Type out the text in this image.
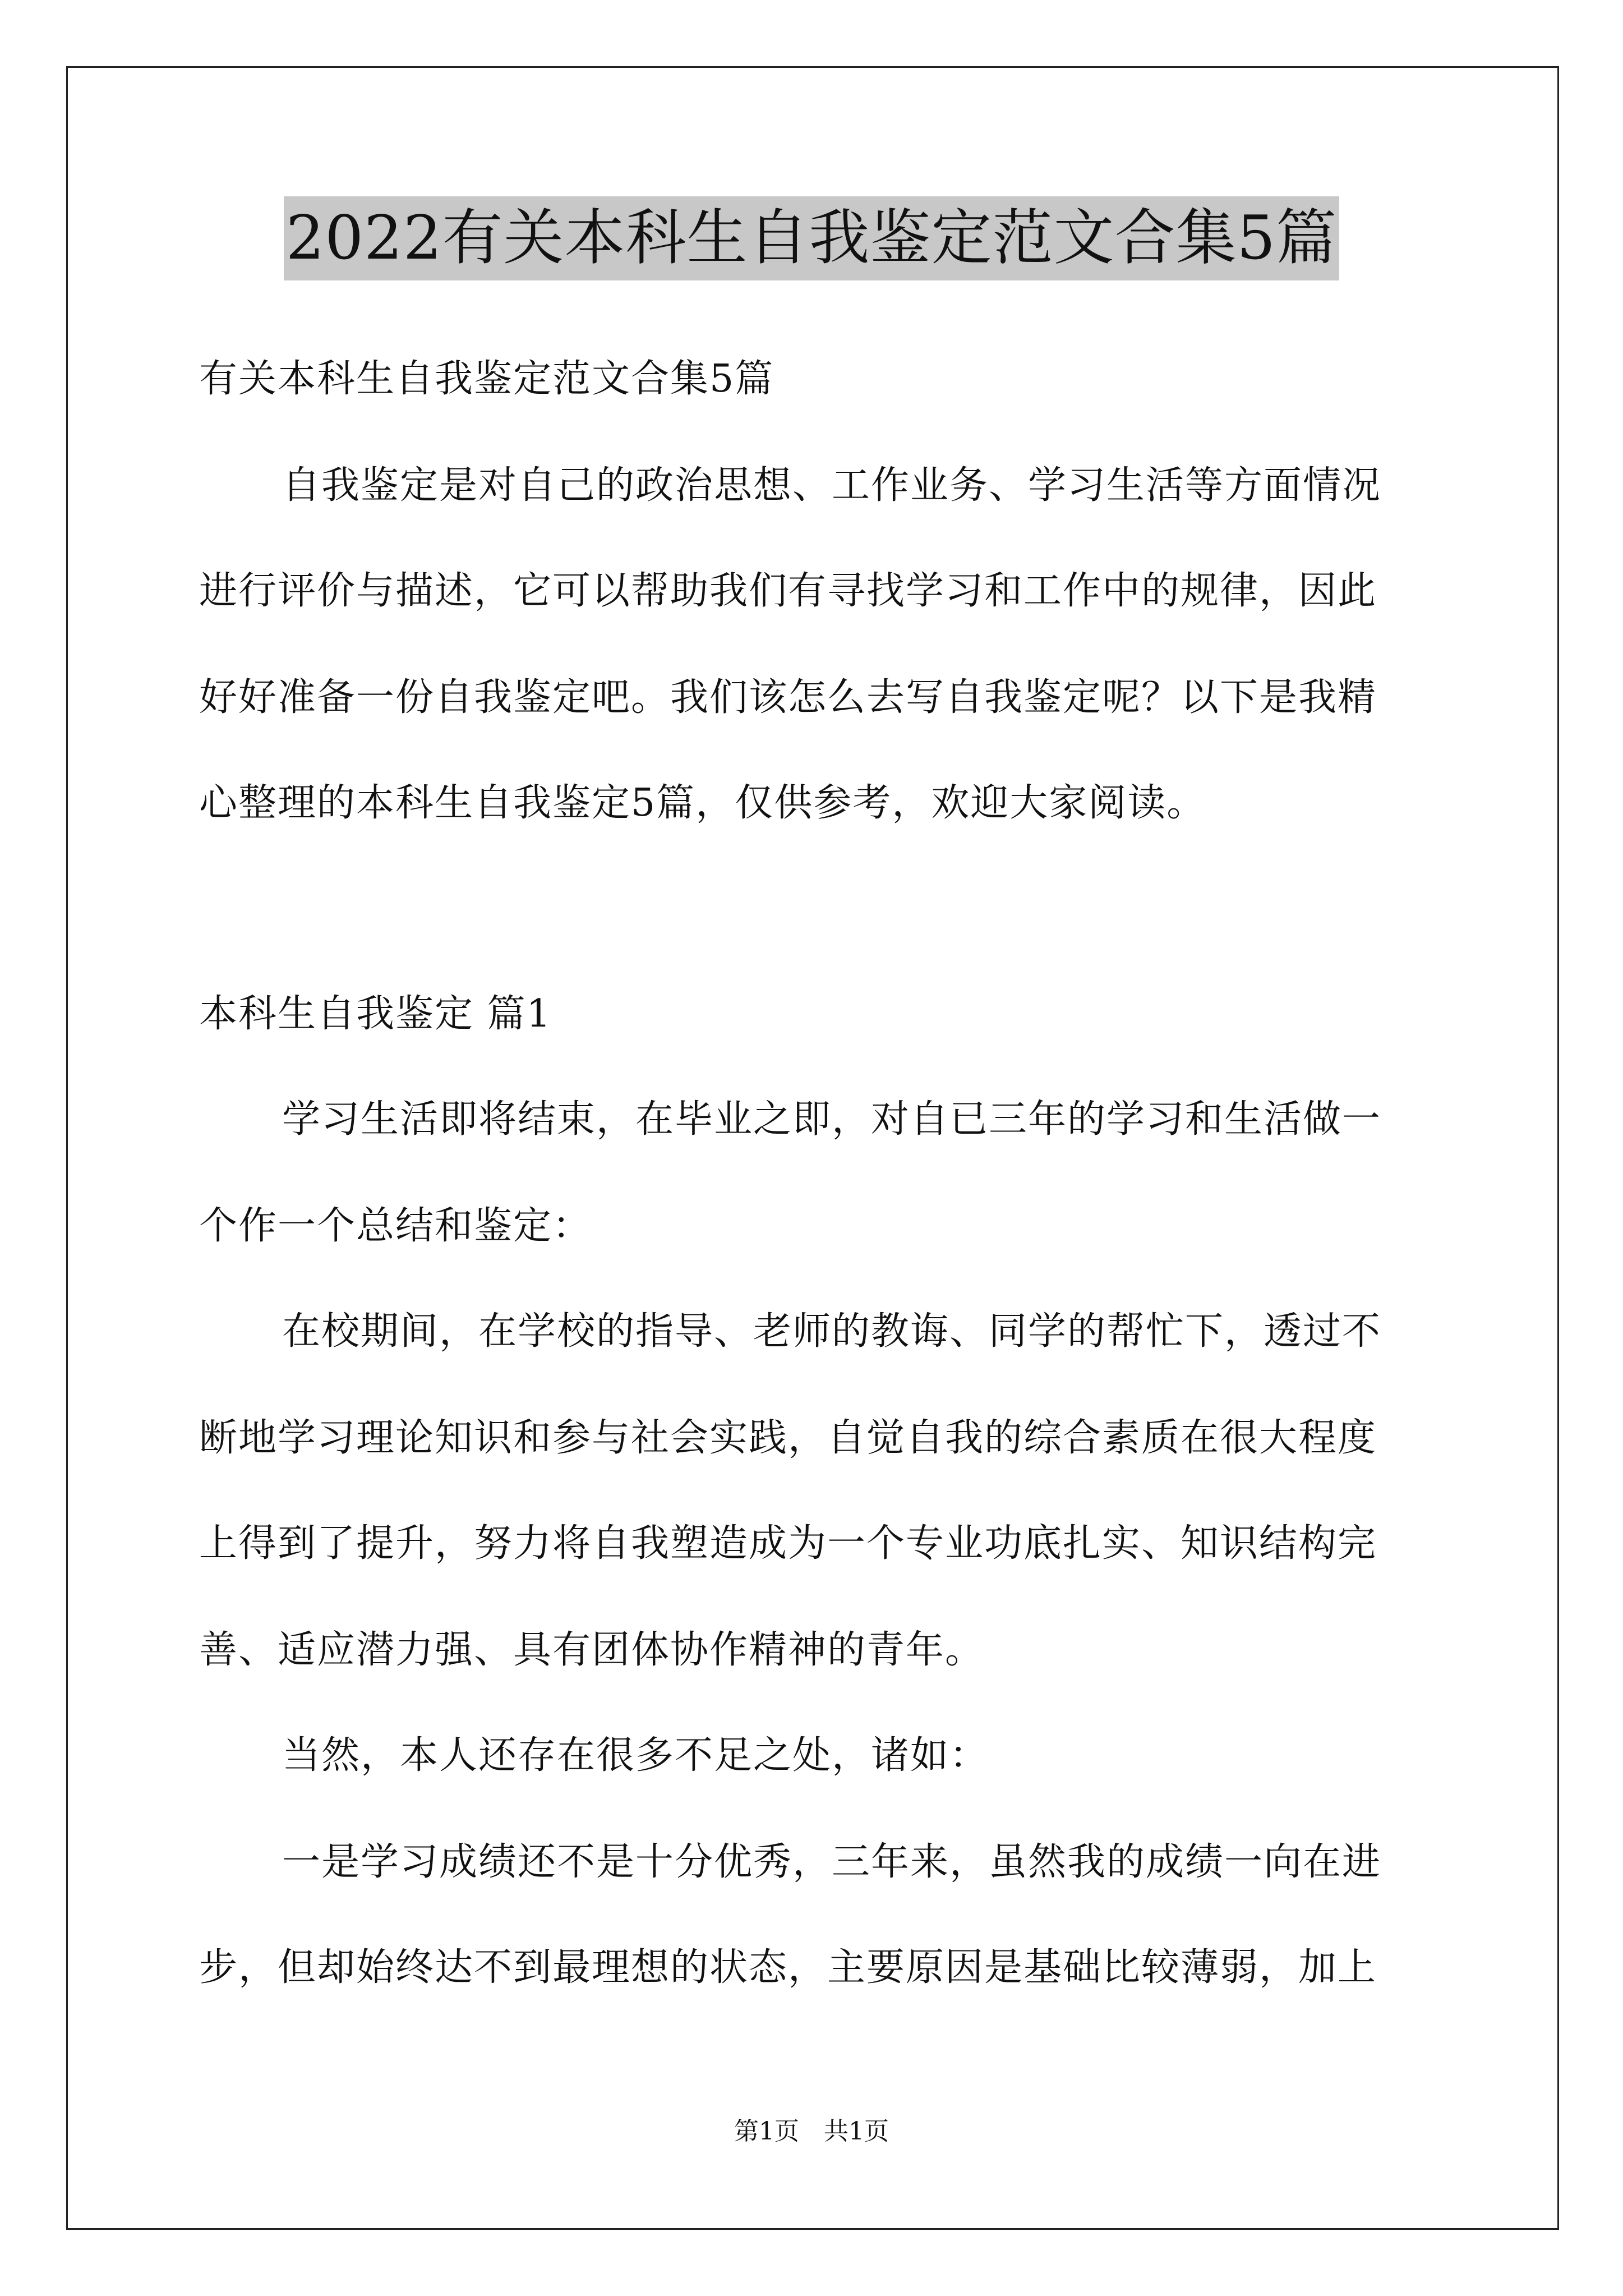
2022有关本科生自我鉴定范文合集5篇
有关本科生自我鉴定范文合集5篇
自我鉴定是对自己的政治思想、工作业务、学习生活等方面情况
进行评价与描述，它可以帮助我们有寻找学习和工作中的规律，因此
好好准备一份自我鉴定吧。我们该怎么去写自我鉴定呢？以下是我精
心整理的本科生自我鉴定5篇，仅供参考，欢迎大家阅读。
本科生自我鉴定 篇1
学习生活即将结束，在毕业之即，对自已三年的学习和生活做一
个作一个总结和鉴定：
在校期间，在学校的指导、老师的教诲、同学的帮忙下，透过不
断地学习理论知识和参与社会实践，自觉自我的综合素质在很大程度
上得到了提升，努力将自我塑造成为一个专业功底扎实、知识结构完
善、适应潜力强、具有团体协作精神的青年。
当然，本人还存在很多不足之处，诸如：
一是学习成绩还不是十分优秀，三年来，虽然我的成绩一向在进
步，但却始终达不到最理想的状态，主要原因是基础比较薄弱，加上
第1页　共1页
